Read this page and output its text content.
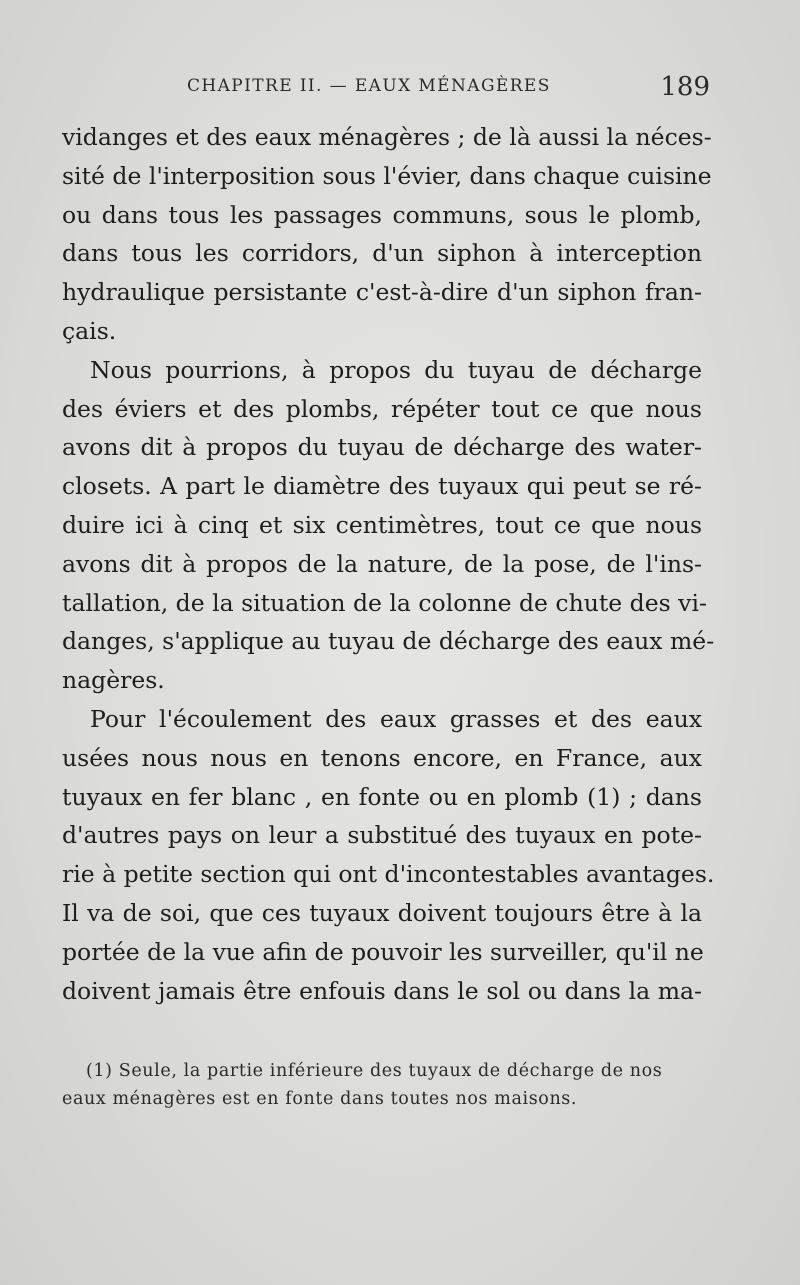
CHAPITRE II. — EAUX MÉNAGÈRES	189
vidanges et des eaux ménagères ; de là aussi la néces-
sité de l'interposition sous l'évier, dans chaque cuisine
ou dans tous les passages communs, sous le plomb,
dans tous les corridors, d'un siphon à interception
hydraulique persistante c'est-à-dire d'un siphon fran-
çais.
Nous pourrions, à propos du tuyau de décharge
des éviers et des plombs, répéter tout ce que nous
avons dit à propos du tuyau de décharge des water-
closets. A part le diamètre des tuyaux qui peut se ré-
duire ici à cinq et six centimètres, tout ce que nous
avons dit à propos de la nature, de la pose, de l'ins-
tallation, de la situation de la colonne de chute des vi-
danges, s'applique au tuyau de décharge des eaux mé-
nagères.
Pour l'écoulement des eaux grasses et des eaux
usées nous nous en tenons encore, en France, aux
tuyaux en fer blanc , en fonte ou en plomb (1) ; dans
d'autres pays on leur a substitué des tuyaux en pote-
rie à petite section qui ont d'incontestables avantages.
Il va de soi, que ces tuyaux doivent toujours être à la
portée de la vue afin de pouvoir les surveiller, qu'il ne
doivent jamais être enfouis dans le sol ou dans la ma-
(1) Seule, la partie inférieure des tuyaux de décharge de nos
eaux ménagères est en fonte dans toutes nos maisons.
